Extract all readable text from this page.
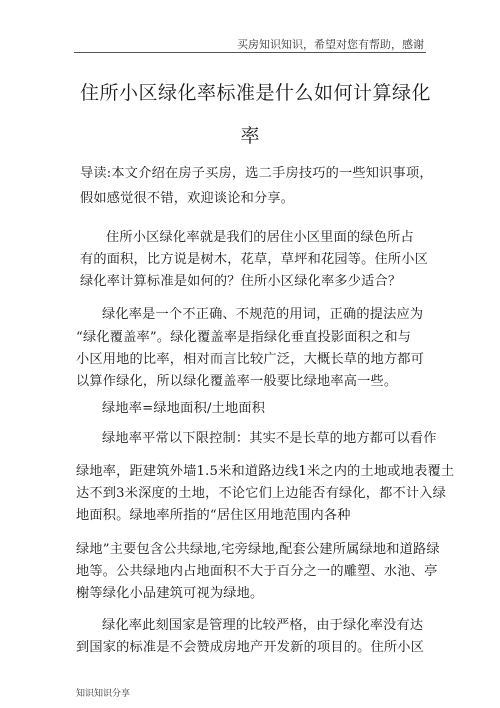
买房知识知识，希望对您有帮助，感谢
住所小区绿化率标准是什么如何计算绿化
率
导读:本文介绍在房子买房，选二手房技巧的一些知识事项，
假如感觉很不错，欢迎谈论和分享。
住所小区绿化率就是我们的居住小区里面的绿色所占
有的面积，比方说是树木，花草，草坪和花园等。住所小区
绿化率计算标准是如何的？住所小区绿化率多少适合？
绿化率是一个不正确、不规范的用词，正确的提法应为
“绿化覆盖率”。绿化覆盖率是指绿化垂直投影面积之和与
小区用地的比率，相对而言比较广泛，大概长草的地方都可
以算作绿化，所以绿化覆盖率一般要比绿地率高一些。
绿地率=绿地面积/土地面积
绿地率平常以下限控制：其实不是长草的地方都可以看作
绿地率，距建筑外墙1.5米和道路边线1米之内的土地或地表覆土
达不到3米深度的土地，不论它们上边能否有绿化，都不计入绿
地面积。绿地率所指的“居住区用地范围内各种
绿地”主要包含公共绿地,宅旁绿地,配套公建所属绿地和道路绿
地等。公共绿地内占地面积不大于百分之一的雕塑、水池、亭
榭等绿化小品建筑可视为绿地。
绿化率此刻国家是管理的比较严格，由于绿化率没有达
到国家的标准是不会赞成房地产开发新的项目的。住所小区
知识知识分享
